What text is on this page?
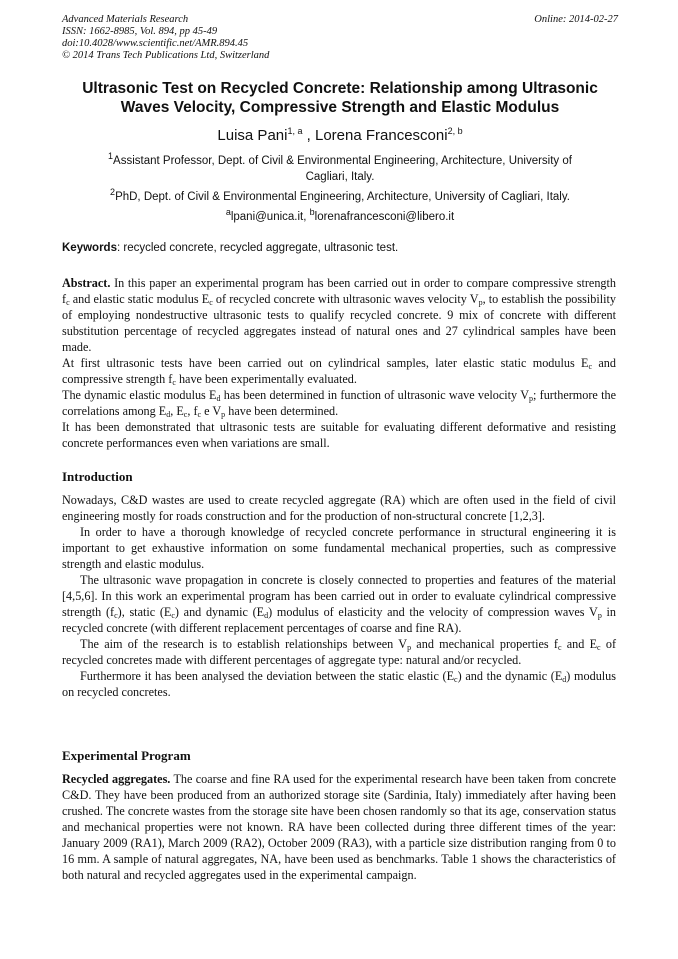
Advanced Materials Research
ISSN: 1662-8985, Vol. 894, pp 45-49
doi:10.4028/www.scientific.net/AMR.894.45
© 2014 Trans Tech Publications Ltd, Switzerland
Online: 2014-02-27
Ultrasonic Test on Recycled Concrete: Relationship among Ultrasonic
Waves Velocity, Compressive Strength and Elastic Modulus
Luisa Pani$^{1, a}$ , Lorena Francesconi$^{2, b}$
$^1$Assistant Professor, Dept. of Civil & Environmental Engineering, Architecture, University of
Cagliari, Italy.
$^2$PhD, Dept. of Civil & Environmental Engineering, Architecture, University of Cagliari, Italy.
$^a$lpani@unica.it, $^b$lorenafrancesconi@libero.it
Keywords: recycled concrete, recycled aggregate, ultrasonic test.

Abstract. In this paper an experimental program has been carried out in order to compare compressive strength $f_c$ and elastic static modulus $E_c$ of recycled concrete with ultrasonic waves velocity $V_p$, to establish the possibility of employing nondestructive ultrasonic tests to qualify recycled concrete. 9 mix of concrete with different substitution percentage of recycled aggregates instead of natural ones and 27 cylindrical samples have been made.

At first ultrasonic tests have been carried out on cylindrical samples, later elastic static modulus $E_c$ and compressive strength $f_c$ have been experimentally evaluated.

The dynamic elastic modulus $E_d$ has been determined in function of ultrasonic wave velocity $V_p$; furthermore the correlations among $E_d$, $E_c$, $f_c$ e $V_p$ have been determined.

It has been demonstrated that ultrasonic tests are suitable for evaluating different deformative and resisting concrete performances even when variations are small.

Introduction

Nowadays, C&D wastes are used to create recycled aggregate (RA) which are often used in the field of civil engineering mostly for roads construction and for the production of non-structural concrete [1,2,3].

In order to have a thorough knowledge of recycled concrete performance in structural engineering it is important to get exhaustive information on some fundamental mechanical properties, such as compressive strength and elastic modulus.

The ultrasonic wave propagation in concrete is closely connected to properties and features of the material [4,5,6]. In this work an experimental program has been carried out in order to evaluate cylindrical compressive strength $(f_c)$, static $(E_c)$ and dynamic $(E_d)$ modulus of elasticity and the velocity of compression waves $V_p$ in recycled concrete (with different replacement percentages of coarse and fine RA).

The aim of the research is to establish relationships between $V_p$ and mechanical properties $f_c$ and $E_c$ of recycled concretes made with different percentages of aggregate type: natural and/or recycled.

Furthermore it has been analysed the deviation between the static elastic $(E_c)$ and the dynamic $(E_d)$ modulus on recycled concretes.

Experimental Program

Recycled aggregates. The coarse and fine RA used for the experimental research have been taken from concrete C&D. They have been produced from an authorized storage site (Sardinia, Italy) immediately after having been crushed. The concrete wastes from the storage site have been chosen randomly so that its age, conservation status and mechanical properties were not known. RA have been collected during three different times of the year: January 2009 (RA1), March 2009 (RA2), October 2009 (RA3), with a particle size distribution ranging from 0 to 16 mm. A sample of natural aggregates, NA, have been used as benchmarks. Table 1 shows the characteristics of both natural and recycled aggregates used in the experimental campaign.
